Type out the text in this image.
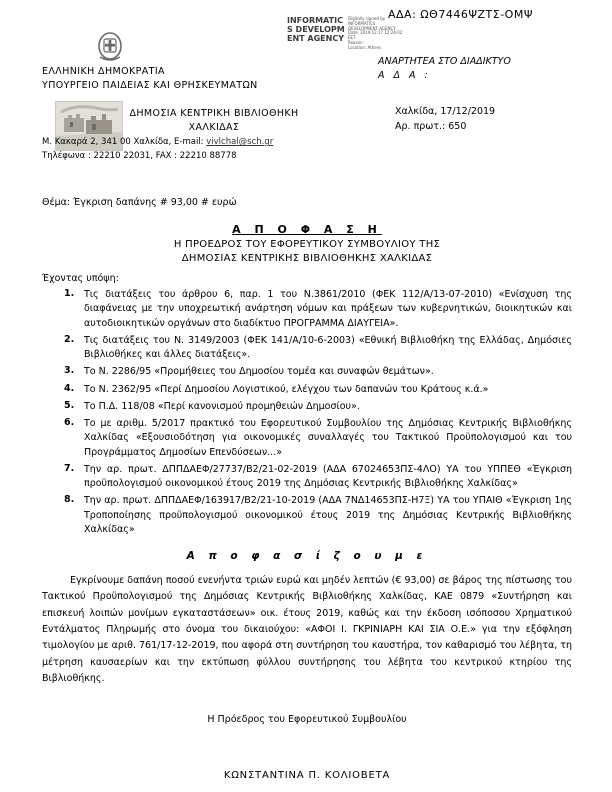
ΑΔΑ: ΩΘ7446ΨΖΤΣ-ΟΜΨ
INFORMATICS DEVELOPMENT AGENCY
Digitally signed by
INFORMATICS
DEVELOPMENT AGENCY
Date: 2019.12.17 12:26:02
EET
Reason:
Location: Athens
ΑΝΑΡΤΗΤΕΑ ΣΤΟ ΔΙΑΔΙΚΤΥΟ
Α Δ Α :
ΕΛΛΗΝΙΚΗ ΔΗΜΟΚΡΑΤΙΑ
ΥΠΟΥΡΓΕΙΟ ΠΑΙΔΕΙΑΣ ΚΑΙ ΘΡΗΣΚΕΥΜΑΤΩΝ
ΔΗΜΟΣΙΑ ΚΕΝΤΡΙΚΗ ΒΙΒΛΙΟΘΗΚΗ
ΧΑΛΚΙΔΑΣ
Χαλκίδα, 17/12/2019
Αρ. πρωτ.: 650
Μ. Κακαρά 2, 341 00 Χαλκίδα, E-mail: vivlchal@sch.gr
Τηλέφωνα : 22210 22031, FAX : 22210 88778
Θέμα: Έγκριση δαπάνης # 93,00 # ευρώ
Α Π Ο Φ Α Σ Η
Η ΠΡΟΕΔΡΟΣ ΤΟΥ ΕΦΟΡΕΥΤΙΚΟΥ ΣΥΜΒΟΥΛΙΟΥ ΤΗΣ
ΔΗΜΟΣΙΑΣ ΚΕΝΤΡΙΚΗΣ ΒΙΒΛΙΟΘΗΚΗΣ ΧΑΛΚΙΔΑΣ
Έχοντας υπόψη:
1.	Τις διατάξεις του άρθρου 6, παρ. 1 του Ν.3861/2010 (ΦΕΚ 112/Α/13-07-2010) «Ενίσχυση της διαφάνειας με την υποχρεωτική ανάρτηση νόμων και πράξεων των κυβερνητικών, διοικητικών και αυτοδιοικητικών οργάνων στο διαδίκτυο ΠΡΟΓΡΑΜΜΑ ΔΙΑΥΓΕΙΑ».
2.	Τις διατάξεις του Ν. 3149/2003 (ΦΕΚ 141/Α/10-6-2003) «Εθνική Βιβλιοθήκη της Ελλάδας, Δημόσιες Βιβλιοθήκες και άλλες διατάξεις».
3.	Το Ν. 2286/95 «Προμήθειες του Δημοσίου τομέα και συναφών θεμάτων».
4.	Το Ν. 2362/95 «Περί Δημοσίου Λογιστικού, ελέγχου των δαπανών του Κράτους κ.ά.»
5.	Το Π.Δ. 118/08 «Περί κανονισμού προμηθειών Δημοσίου».
6.	Το με αριθμ. 5/2017 πρακτικό του Εφορευτικού Συμβουλίου της Δημόσιας Κεντρικής Βιβλιοθήκης Χαλκίδας «Εξουσιοδότηση για οικονομικές συναλλαγές του Τακτικού Προϋπολογισμού και του Προγράμματος Δημοσίων Επενδύσεων...»
7.	Την αρ. πρωτ. ΔΠΠΔΑΕΦ/27737/Β2/21-02-2019 (ΑΔΑ 67024653ΠΣ-4ΛΟ) ΥΑ του ΥΠΠΕΘ «Έγκριση προϋπολογισμού οικονομικού έτους 2019 της Δημόσιας Κεντρικής Βιβλιοθήκης Χαλκίδας»
8.	Την αρ. πρωτ. ΔΠΠΔΑΕΦ/163917/Β2/21-10-2019 (ΑΔΑ 7ΝΔ14653ΠΣ-Η7Ξ) ΥΑ του ΥΠΑΙΘ «Έγκριση 1ης Τροποποίησης προϋπολογισμού οικονομικού έτους 2019 της Δημόσιας Κεντρικής Βιβλιοθήκης Χαλκίδας»
Α π ο φ α σ ί ζ ο υ μ ε
Εγκρίνουμε δαπάνη ποσού ενενήντα τριών ευρώ και μηδέν λεπτών (€ 93,00) σε βάρος της πίστωσης του Τακτικού Προϋπολογισμού της Δημόσιας Κεντρικής Βιβλιοθήκης Χαλκίδας, ΚΑΕ 0879 «Συντήρηση και επισκευή λοιπών μονίμων εγκαταστάσεων» οικ. έτους 2019, καθώς και την έκδοση ισόποσου Χρηματικού Εντάλματος Πληρωμής στο όνομα του δικαιούχου: «ΑΦΟΙ Ι. ΓΚΡΙΝΙΑΡΗ ΚΑΙ ΣΙΑ Ο.Ε.» για την εξόφληση τιμολογίου με αριθ. 761/17-12-2019, που αφορά στη συντήρηση του καυστήρα, τον καθαρισμό του λέβητα, τη μέτρηση καυσαερίων και την εκτύπωση φύλλου συντήρησης του λέβητα του κεντρικού κτηρίου της Βιβλιοθήκης.
Η Πρόεδρος του Εφορευτικού Συμβουλίου
ΚΩΝΣΤΑΝΤΙΝΑ Π. ΚΟΛΙΟΒΕΤΑ
